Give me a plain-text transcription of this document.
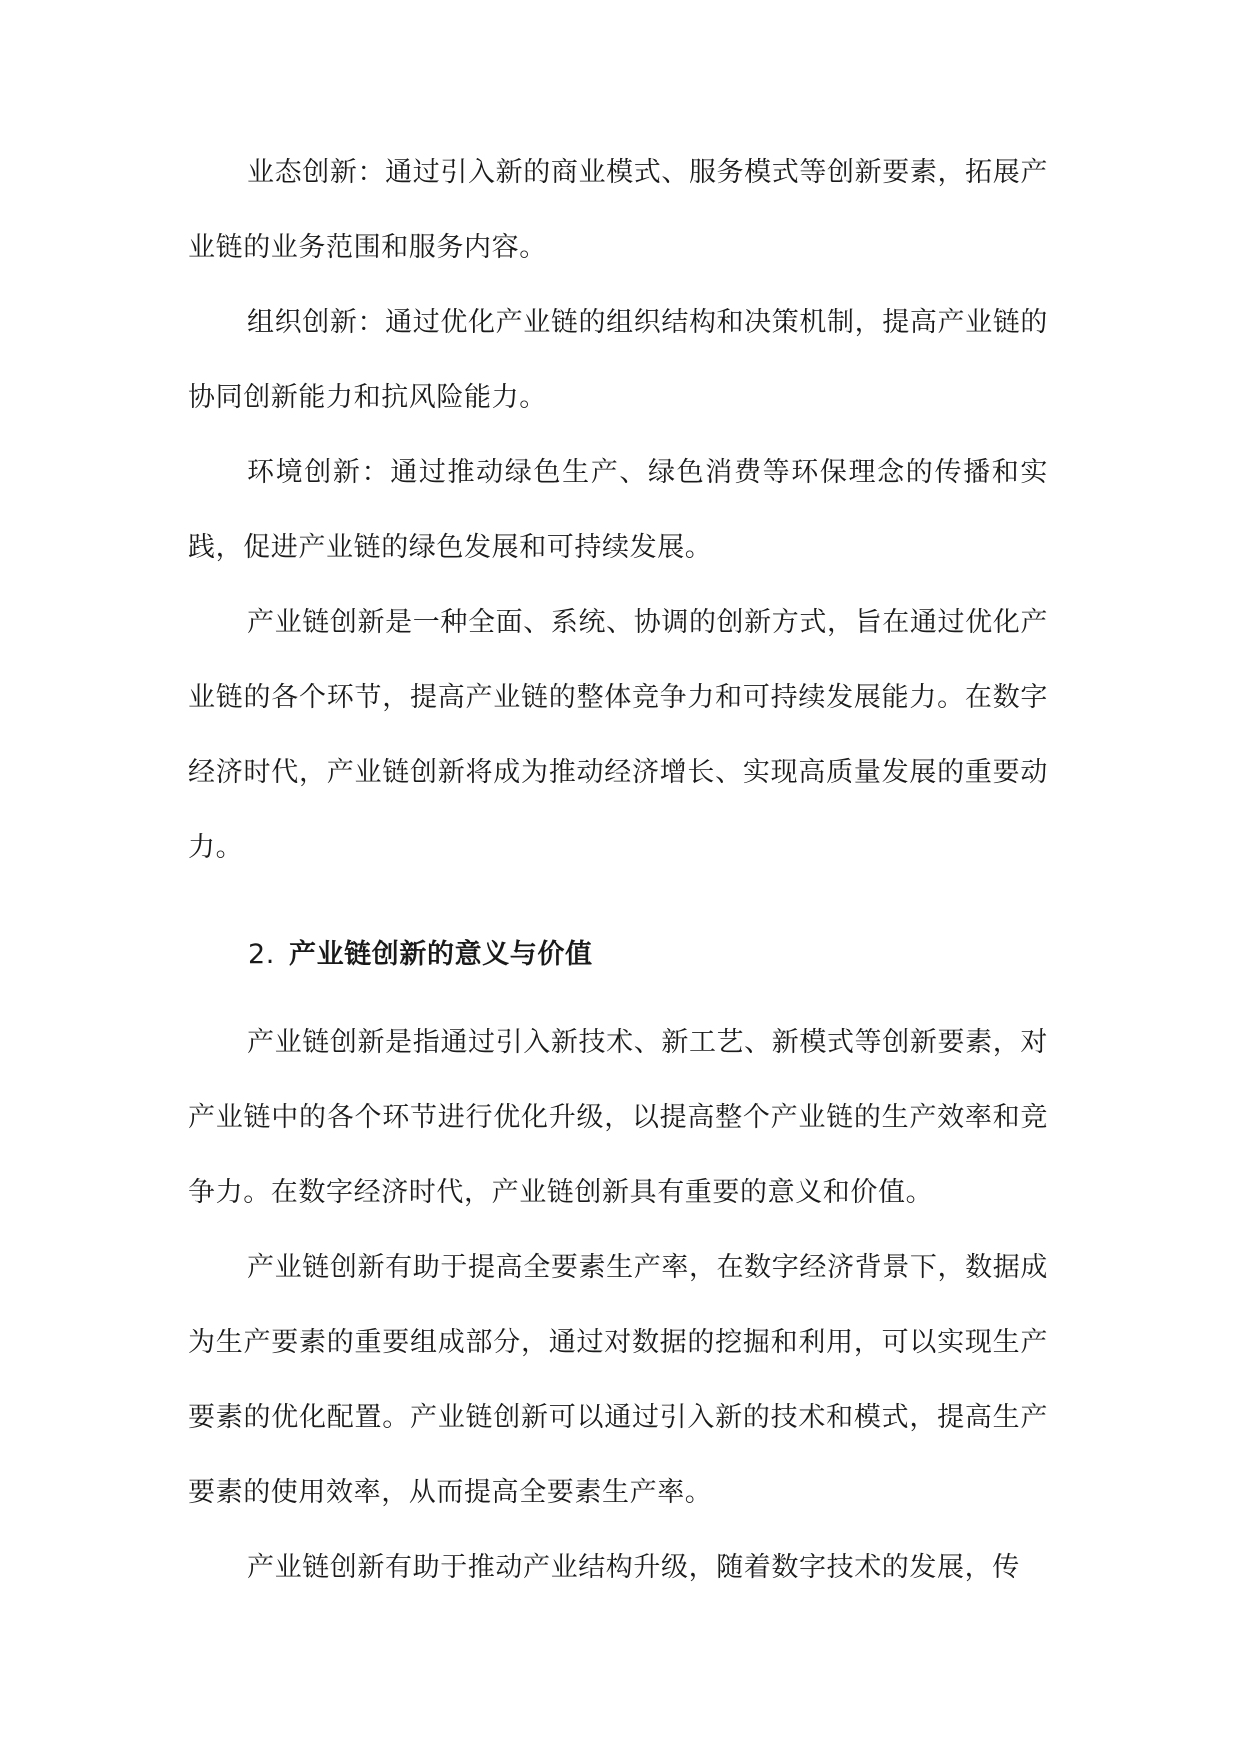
业态创新：通过引入新的商业模式、服务模式等创新要素，拓展产业链的业务范围和服务内容。

组织创新：通过优化产业链的组织结构和决策机制，提高产业链的协同创新能力和抗风险能力。

环境创新：通过推动绿色生产、绿色消费等环保理念的传播和实践，促进产业链的绿色发展和可持续发展。

产业链创新是一种全面、系统、协调的创新方式，旨在通过优化产业链的各个环节，提高产业链的整体竞争力和可持续发展能力。在数字经济时代，产业链创新将成为推动经济增长、实现高质量发展的重要动力。

2. 产业链创新的意义与价值

产业链创新是指通过引入新技术、新工艺、新模式等创新要素，对产业链中的各个环节进行优化升级，以提高整个产业链的生产效率和竞争力。在数字经济时代，产业链创新具有重要的意义和价值。

产业链创新有助于提高全要素生产率，在数字经济背景下，数据成为生产要素的重要组成部分，通过对数据的挖掘和利用，可以实现生产要素的优化配置。产业链创新可以通过引入新的技术和模式，提高生产要素的使用效率，从而提高全要素生产率。

产业链创新有助于推动产业结构升级，随着数字技术的发展，传
